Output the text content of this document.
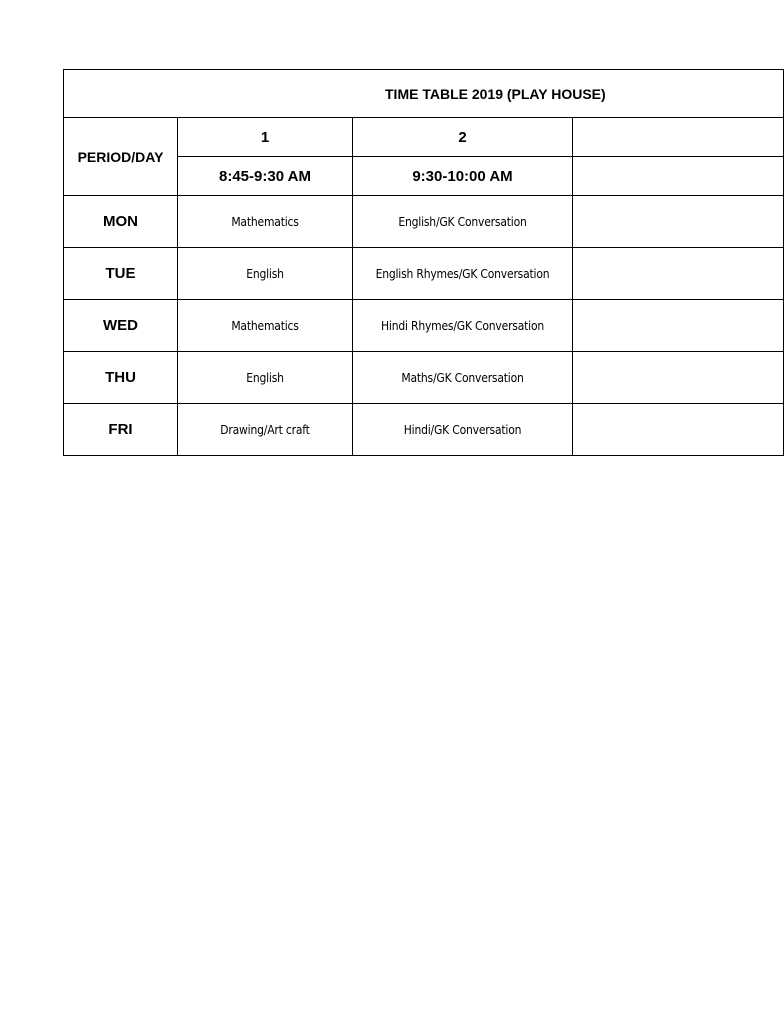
TIME TABLE 2019 (PLAY HOUSE)			
PERIOD/DAY	1	2	
	8:45-9:30 AM	9:30-10:00 AM	
MON	Mathematics	English/GK Conversation	
TUE	English	English Rhymes/GK Conversation	
WED	Mathematics	Hindi Rhymes/GK Conversation	
THU	English	Maths/GK Conversation	
FRI	Drawing/Art craft	Hindi/GK Conversation	
